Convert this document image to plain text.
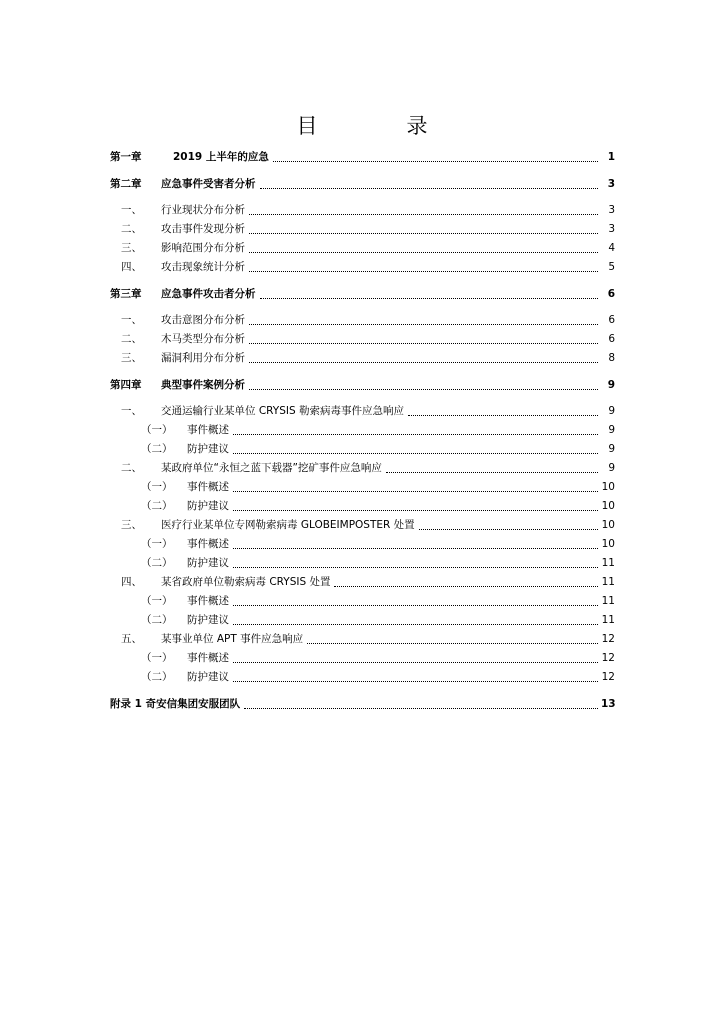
目　录
第一章	2019 上半年的应急	1
第二章 应急事件受害者分析	3
一、 行业现状分布分析	3
二、 攻击事件发现分析	3
三、 影响范围分布分析	4
四、 攻击现象统计分析	5
第三章 应急事件攻击者分析	6
一、 攻击意图分布分析	6
二、 木马类型分布分析	6
三、 漏洞利用分布分析	8
第四章 典型事件案例分析	9
一、 交通运输行业某单位 CRYSIS 勒索病毒事件应急响应	9
（一） 事件概述	9
（二） 防护建议	9
二、 某政府单位“永恒之蓝下载器”挖矿事件应急响应	9
（一） 事件概述	10
（二） 防护建议	10
三、 医疗行业某单位专网勒索病毒 GLOBEIMPOSTER 处置	10
（一） 事件概述	10
（二） 防护建议	11
四、 某省政府单位勒索病毒 CRYSIS 处置	11
（一） 事件概述	11
（二） 防护建议	11
五、 某事业单位 APT 事件应急响应	12
（一） 事件概述	12
（二） 防护建议	12
附录 1 奇安信集团安服团队	13
